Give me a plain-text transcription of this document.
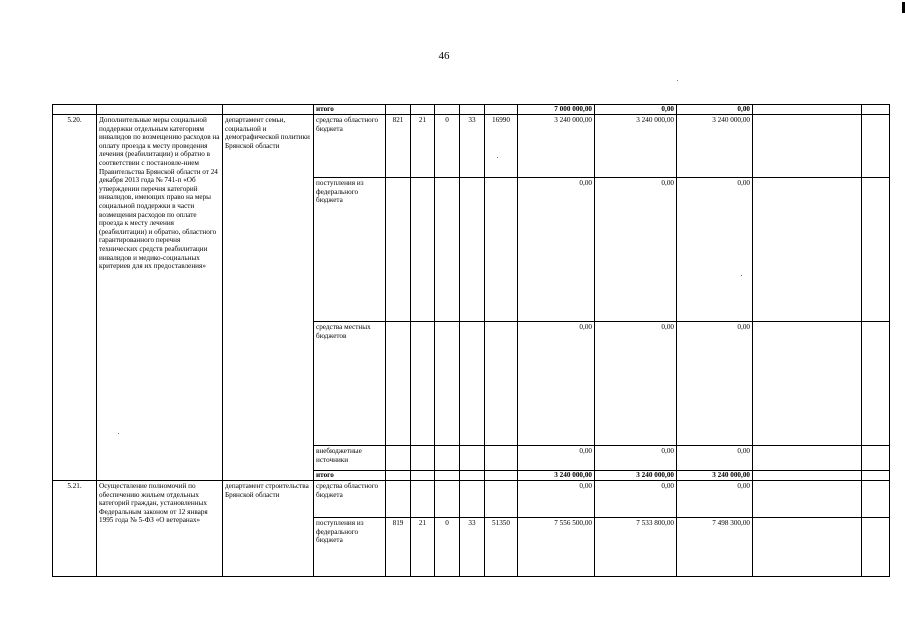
46
			итого						7 000 000,00	0,00	0,00		
5.20.	Дополнительные меры социальной поддержки отдельным категориям инвалидов по возмещению расходов на оплату проезда к месту проведения лечения (реабилитации) и обратно в соответствии с постановле-нием Правительства Брянской области от 24 декабря 2013 года № 741-п «Об утверждении перечня категорий инвалидов, имеющих право на меры социальной поддержки в части возмещения расходов по оплате проезда к месту лечения (реабилитации) и обратно, областного гарантированного перечня технических средств реабилитации инвалидов и медико-социальных критериев для их предоставления»	департамент семьи, социальной и демографической политики Брянской области	средства областного бюджета	821	21	0	33	16990	3 240 000,00	3 240 000,00	3 240 000,00		
			поступления из федерального бюджета						0,00	0,00	0,00		
			средства местных бюджетов						0,00	0,00	0,00		
			внебюджетные источники						0,00	0,00	0,00		
			итого						3 240 000,00	3 240 000,00	3 240 000,00		
5.21.	Осуществление полномочий по обеспечению жильем отдельных категорий граждан, установленных Федеральным законом от 12 января 1995 года № 5-ФЗ «О ветеранах»	департамент строительства Брянской области	средства областного бюджета						0,00	0,00	0,00		
			поступления из федерального бюджета	819	21	0	33	51350	7 556 500,00	7 533 800,00	7 498 300,00		
